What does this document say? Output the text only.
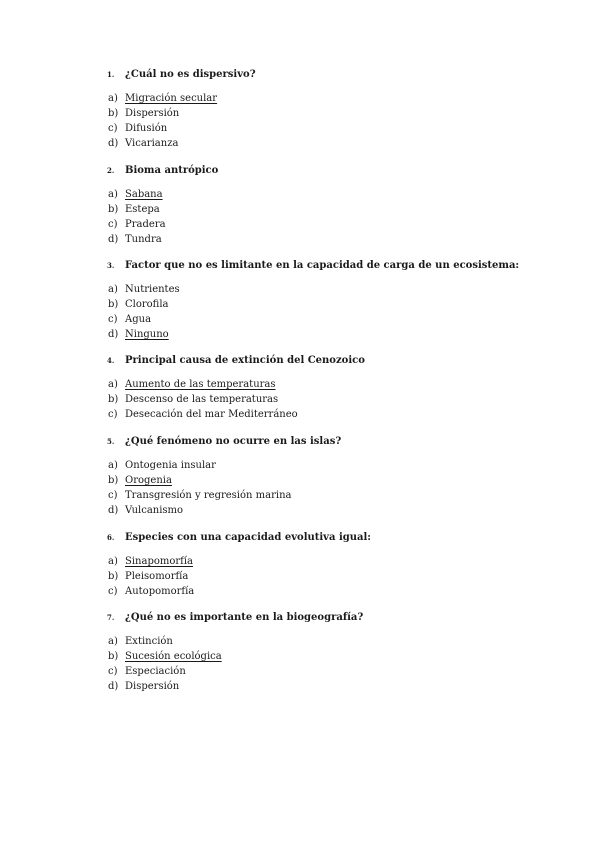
1. ¿Cuál no es dispersivo?
a) Migración secular
b) Dispersión
c) Difusión
d) Vicarianza
2. Bioma antrópico
a) Sabana
b) Estepa
c) Pradera
d) Tundra
3. Factor que no es limitante en la capacidad de carga de un ecosistema:
a) Nutrientes
b) Clorofila
c) Agua
d) Ninguno
4. Principal causa de extinción del Cenozoico
a) Aumento de las temperaturas
b) Descenso de las temperaturas
c) Desecación del mar Mediterráneo
5. ¿Qué fenómeno no ocurre en las islas?
a) Ontogenia insular
b) Orogenia
c) Transgresión y regresión marina
d) Vulcanismo
6. Especies con una capacidad evolutiva igual:
a) Sinapomorfía
b) Pleisomorfía
c) Autopomorfía
7. ¿Qué no es importante en la biogeografía?
a) Extinción
b) Sucesión ecológica
c) Especiación
d) Dispersión
